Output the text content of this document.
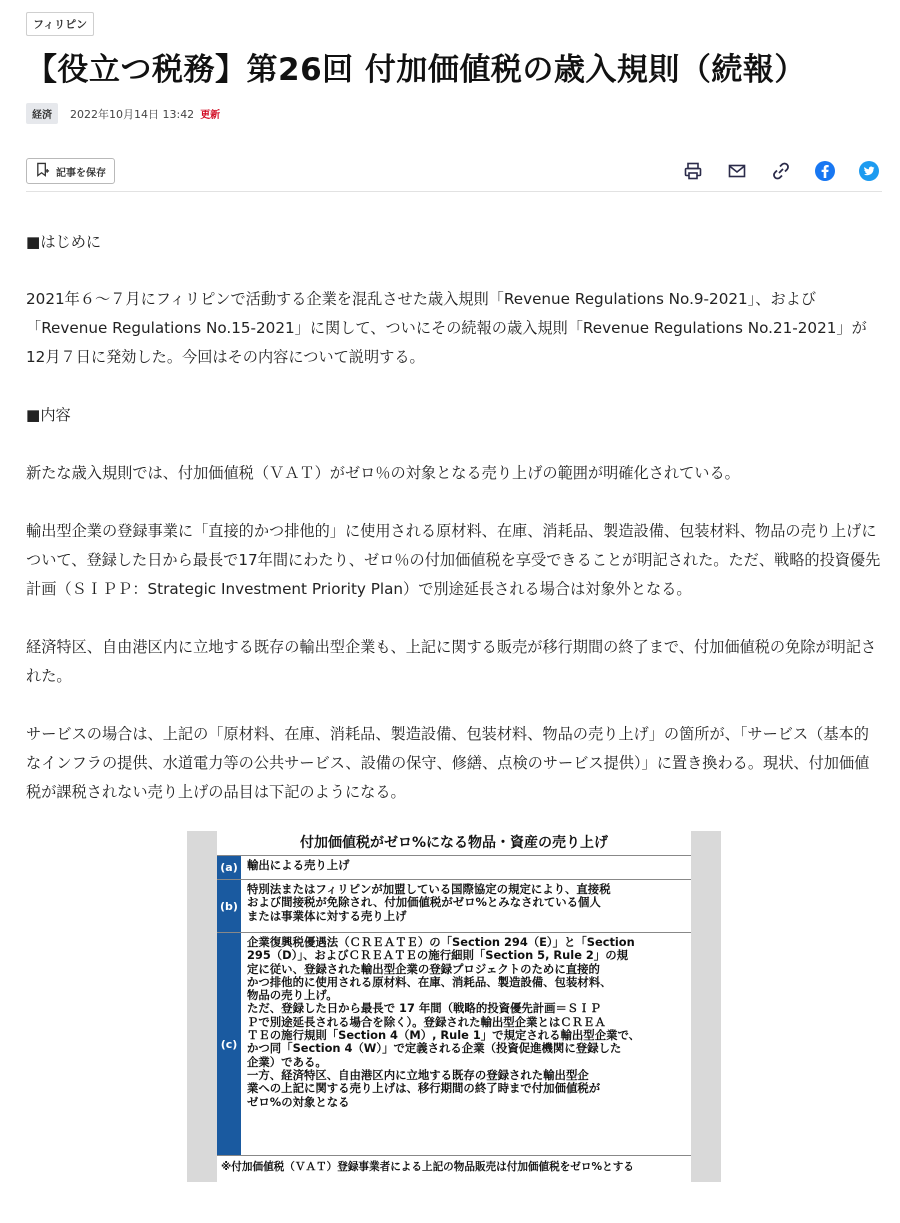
フィリピン
【役立つ税務】第26回 付加価値税の歳入規則（続報）
経済	2022年10月14日 13:42 更新
記事を保存

■はじめに

2021年６～７月にフィリピンで活動する企業を混乱させた歳入規則「Revenue Regulations No.9-2021」、および「Revenue Regulations No.15-2021」に関して、ついにその続報の歳入規則「Revenue Regulations No.21-2021」が12月７日に発効した。今回はその内容について説明する。

■内容

新たな歳入規則では、付加価値税（ＶＡＴ）がゼロ％の対象となる売り上げの範囲が明確化されている。

輸出型企業の登録事業に「直接的かつ排他的」に使用される原材料、在庫、消耗品、製造設備、包装材料、物品の売り上げについて、登録した日から最長で17年間にわたり、ゼロ％の付加価値税を享受できることが明記された。ただ、戦略的投資優先計画（ＳＩＰＰ：Strategic Investment Priority Plan）で別途延長される場合は対象外となる。

経済特区、自由港区内に立地する既存の輸出型企業も、上記に関する販売が移行期間の終了まで、付加価値税の免除が明記された。

サービスの場合は、上記の「原材料、在庫、消耗品、製造設備、包装材料、物品の売り上げ」の箇所が、「サービス（基本的なインフラの提供、水道電力等の公共サービス、設備の保守、修繕、点検のサービス提供）」に置き換わる。現状、付加価値税が課税されない売り上げの品目は下記のようになる。

付加価値税がゼロ%になる物品・資産の売り上げ
(a) 輸出による売り上げ
(b)
特別法またはフィリピンが加盟している国際協定の規定により、直接税
および間接税が免除され、付加価値税がゼロ%とみなされている個人
または事業体に対する売り上げ
(c)
企業復興税優遇法（ＣＲＥＡＴＥ）の「Section 294（E）」と「Section
295（D）」、およびＣＲＥＡＴＥの施行細則「Section 5, Rule 2」の規
定に従い、登録された輸出型企業の登録プロジェクトのために直接的
かつ排他的に使用される原材料、在庫、消耗品、製造設備、包装材料、
物品の売り上げ。
ただ、登録した日から最長で 17 年間（戦略的投資優先計画＝ＳＩＰ
Ｐで別途延長される場合を除く）。登録された輸出型企業とはＣＲＥＡ
ＴＥの施行規則「Section 4（M）, Rule 1」で規定される輸出型企業で、
かつ同「Section 4（W）」で定義される企業（投資促進機関に登録した
企業）である。
一方、経済特区、自由港区内に立地する既存の登録された輸出型企
業への上記に関する売り上げは、移行期間の終了時まで付加価値税が
ゼロ%の対象となる
※付加価値税（ＶＡＴ）登録事業者による上記の物品販売は付加価値税をゼロ%とする
